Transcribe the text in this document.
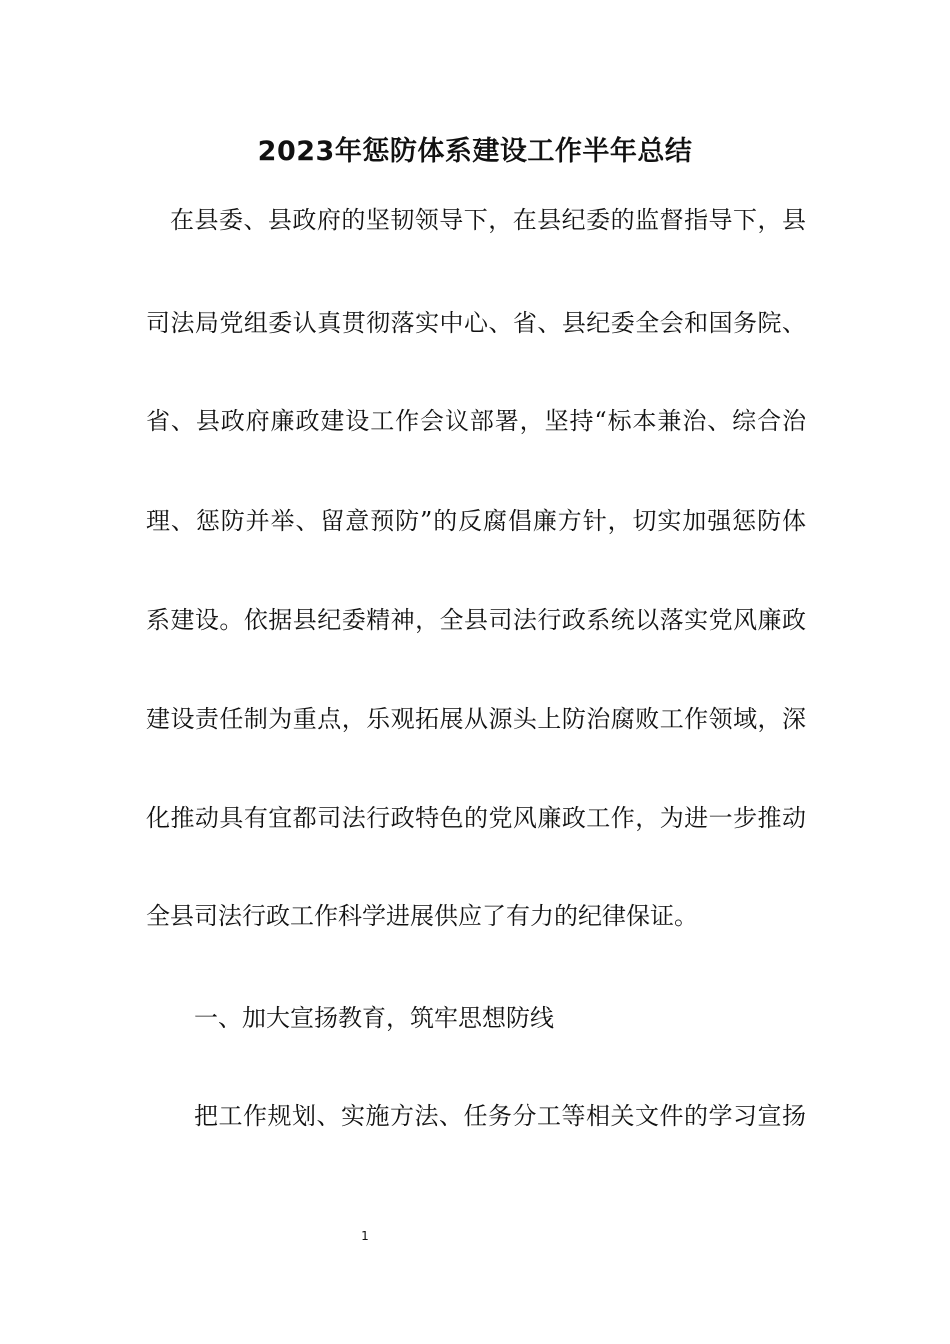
2023年惩防体系建设工作半年总结
在县委、县政府的坚韧领导下，在县纪委的监督指导下，县
司法局党组委认真贯彻落实中心、省、县纪委全会和国务院、
省、县政府廉政建设工作会议部署，坚持“标本兼治、综合治
理、惩防并举、留意预防”的反腐倡廉方针，切实加强惩防体
系建设。依据县纪委精神，全县司法行政系统以落实党风廉政
建设责任制为重点，乐观拓展从源头上防治腐败工作领域，深
化推动具有宜都司法行政特色的党风廉政工作，为进一步推动
全县司法行政工作科学进展供应了有力的纪律保证。
一、加大宣扬教育，筑牢思想防线
把工作规划、实施方法、任务分工等相关文件的学习宣扬
1
